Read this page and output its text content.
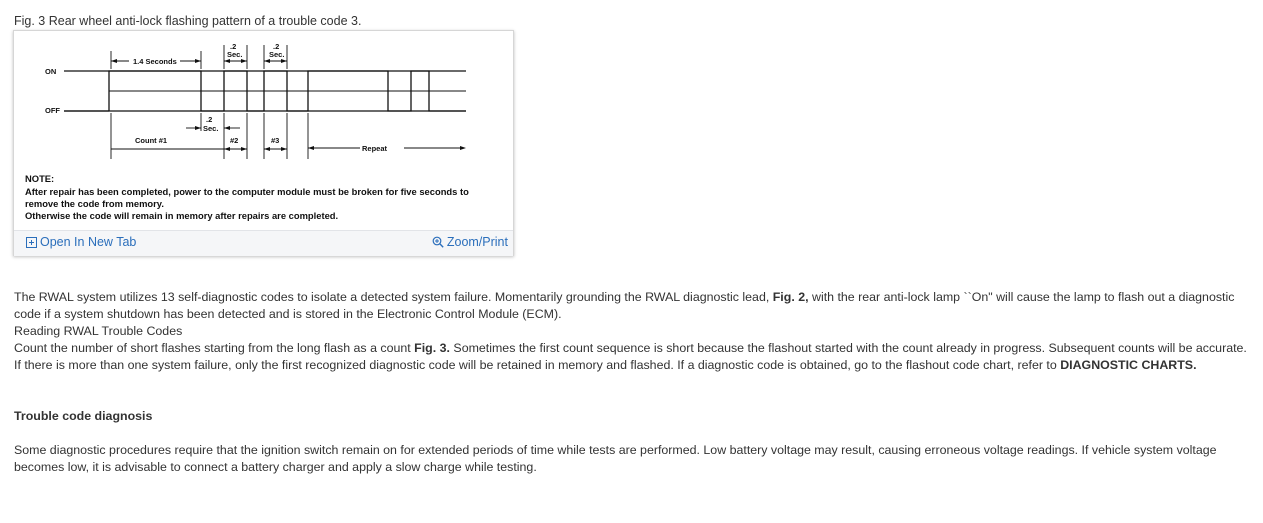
Fig. 3 Rear wheel anti-lock flashing pattern of a trouble code 3.
ON
OFF
1.4 Seconds
.2
Sec.
.2
Sec.
.2
Sec.
Count #1	#2	#3
Repeat
NOTE:
After repair has been completed, power to the computer module must be broken for five seconds to
remove the code from memory.
Otherwise the code will remain in memory after repairs are completed.
Open In New Tab	Zoom/Print
The RWAL system utilizes 13 self-diagnostic codes to isolate a detected system failure. Momentarily grounding the RWAL diagnostic lead, Fig. 2, with the rear anti-lock lamp ``On" will cause the lamp to flash out a diagnostic code if a system shutdown has been detected and is stored in the Electronic Control Module (ECM).
Reading RWAL Trouble Codes
Count the number of short flashes starting from the long flash as a count Fig. 3. Sometimes the first count sequence is short because the flashout started with the count already in progress. Subsequent counts will be accurate. If there is more than one system failure, only the first recognized diagnostic code will be retained in memory and flashed. If a diagnostic code is obtained, go to the flashout code chart, refer to DIAGNOSTIC CHARTS.
Trouble code diagnosis
Some diagnostic procedures require that the ignition switch remain on for extended periods of time while tests are performed. Low battery voltage may result, causing erroneous voltage readings. If vehicle system voltage becomes low, it is advisable to connect a battery charger and apply a slow charge while testing.
